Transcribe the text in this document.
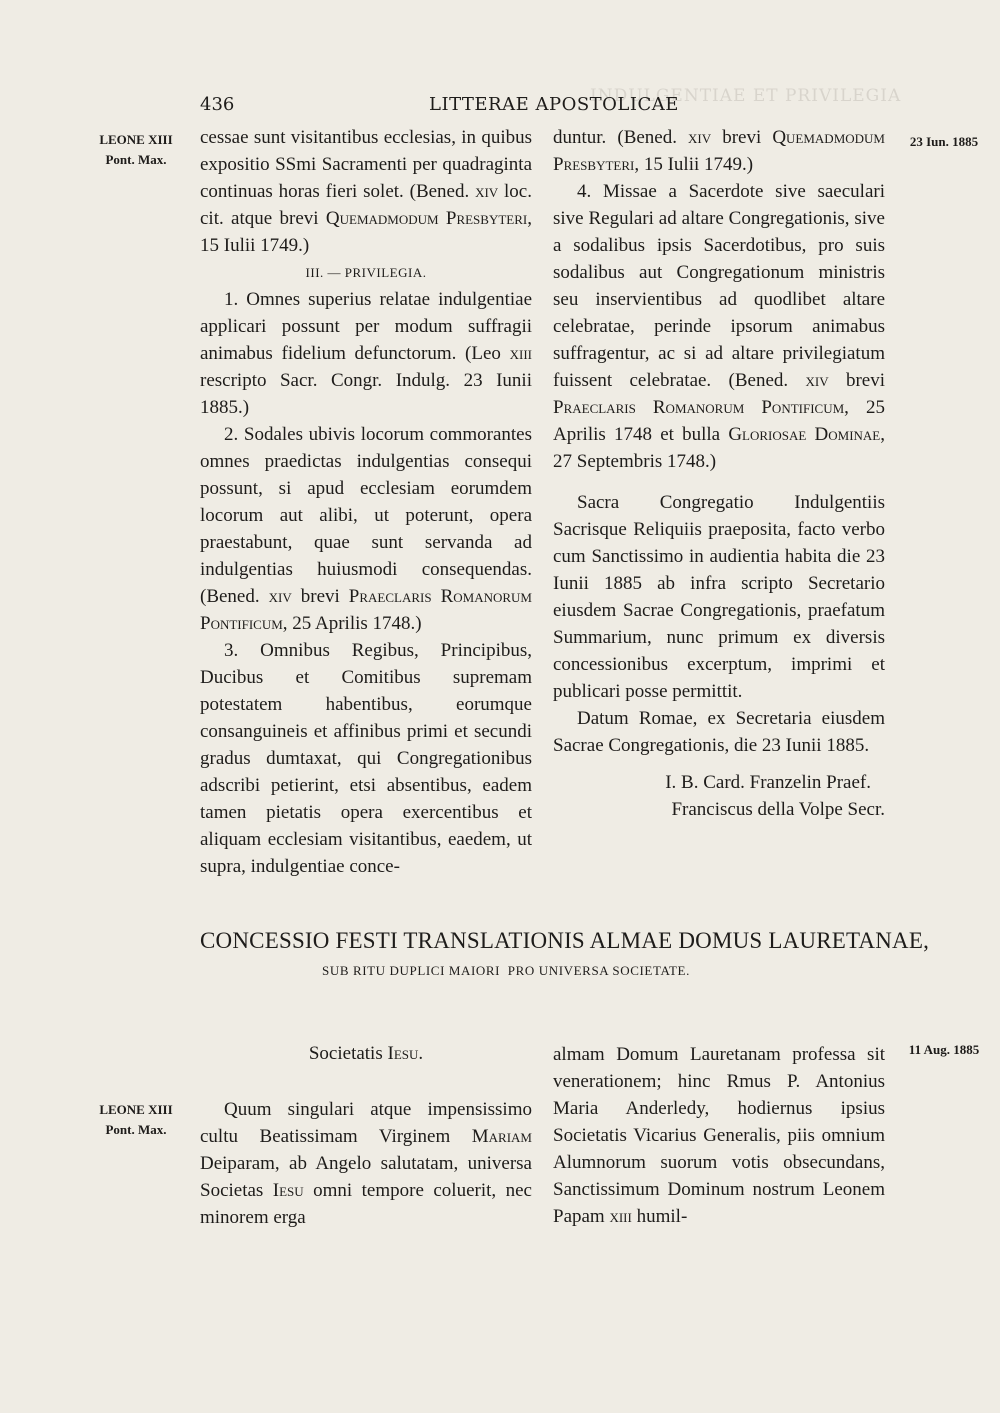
INDULGENTIAE ET PRIVILEGIA
436	LITTERAE APOSTOLICAE
LEONE XIII
Pont. Max.
23 Iun. 1885
LEONE XIII
Pont. Max.
11 Aug. 1885

cessae sunt visitantibus ecclesias, in quibus expositio SSmi Sacramenti per quadraginta continuas horas fieri solet. (Bened. xiv loc. cit. atque brevi Quemadmodum Presbyteri, 15 Iulii 1749.)

III. — PRIVILEGIA.

1. Omnes superius relatae indulgentiae applicari possunt per modum suffragii animabus fidelium defunctorum. (Leo xiii rescripto Sacr. Congr. Indulg. 23 Iunii 1885.)

2. Sodales ubivis locorum commorantes omnes praedictas indulgentias consequi possunt, si apud ecclesiam eorumdem locorum aut alibi, ut poterunt, opera praestabunt, quae sunt servanda ad indulgentias huiusmodi consequendas. (Bened. xiv brevi Praeclaris Romanorum Pontificum, 25 Aprilis 1748.)

3. Omnibus Regibus, Principibus, Ducibus et Comitibus supremam potestatem habentibus, eorumque consanguineis et affinibus primi et secundi gradus dumtaxat, qui Congregationibus adscribi petierint, etsi absentibus, eadem tamen pietatis opera exercentibus et aliquam ecclesiam visitantibus, eaedem, ut supra, indulgentiae conce-

duntur. (Bened. xiv brevi Quemadmodum Presbyteri, 15 Iulii 1749.)

4. Missae a Sacerdote sive saeculari sive Regulari ad altare Congregationis, sive a sodalibus ipsis Sacerdotibus, pro suis sodalibus aut Congregationum ministris seu inservientibus ad quodlibet altare celebratae, perinde ipsorum animabus suffragentur, ac si ad altare privilegiatum fuissent celebratae. (Bened. xiv brevi Praeclaris Romanorum Pontificum, 25 Aprilis 1748 et bulla Gloriosae Dominae, 27 Septembris 1748.)

Sacra Congregatio Indulgentiis Sacrisque Reliquiis praeposita, facto verbo cum Sanctissimo in audientia habita die 23 Iunii 1885 ab infra scripto Secretario eiusdem Sacrae Congregationis, praefatum Summarium, nunc primum ex diversis concessionibus excerptum, imprimi et publicari posse permittit.

Datum Romae, ex Secretaria eiusdem Sacrae Congregationis, die 23 Iunii 1885.

I. B. Card. Franzelin Praef.

Franciscus della Volpe Secr.

CONCESSIO FESTI TRANSLATIONIS ALMAE DOMUS LAURETANAE,
SUB RITU DUPLICI MAIORI  PRO UNIVERSA SOCIETATE.
Societatis Iesu.

Quum singulari atque impensissimo cultu Beatissimam Virginem Mariam Deiparam, ab Angelo salutatam, universa Societas Iesu omni tempore coluerit, nec minorem erga

almam Domum Lauretanam professa sit venerationem; hinc Rmus P. Antonius Maria Anderledy, hodiernus ipsius Societatis Vicarius Generalis, piis omnium Alumnorum suorum votis obsecundans, Sanctissimum Dominum nostrum Leonem Papam xiii humil-
